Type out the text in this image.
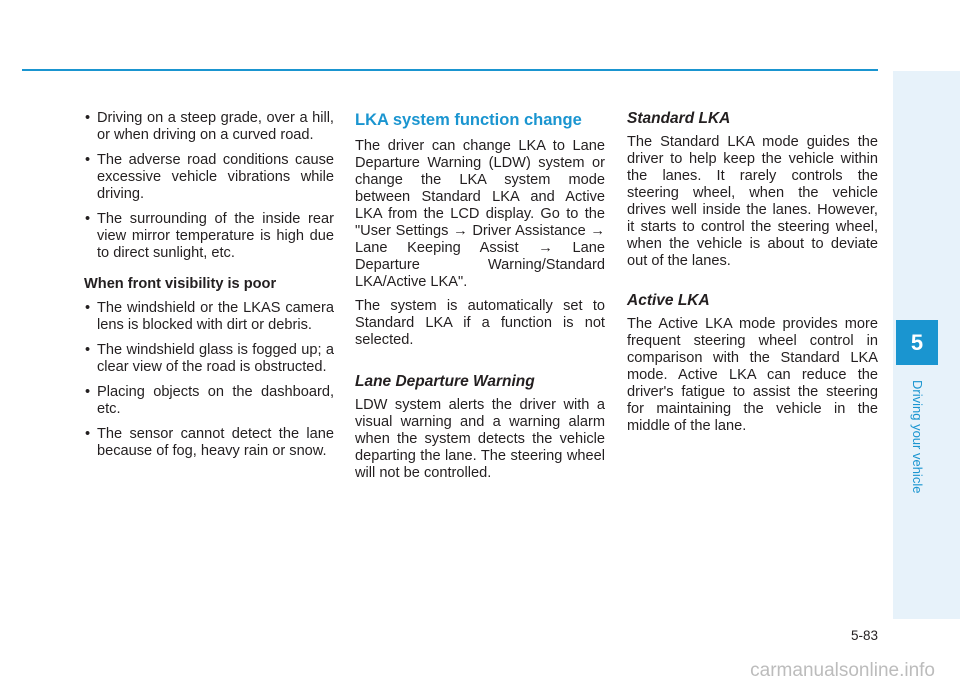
• Driving on a steep grade, over a hill, or when driving on a curved road.
• The adverse road conditions cause excessive vehicle vibrations while driving.
• The surrounding of the inside rear view mirror temperature is high due to direct sunlight, etc.

When front visibility is poor

• The windshield or the LKAS camera lens is blocked with dirt or debris.
• The windshield glass is fogged up; a clear view of the road is obstructed.
• Placing objects on the dashboard, etc.
• The sensor cannot detect the lane because of fog, heavy rain or snow.
LKA system function change

The driver can change LKA to Lane Departure Warning (LDW) system or change the LKA system mode between Standard LKA and Active LKA from the LCD display. Go to the "User Settings → Driver Assistance → Lane Keeping Assist → Lane Departure Warning/Standard LKA/Active LKA".

The system is automatically set to Standard LKA if a function is not selected.

Lane Departure Warning

LDW system alerts the driver with a visual warning and a warning alarm when the system detects the vehicle departing the lane. The steering wheel will not be controlled.

Standard LKA

The Standard LKA mode guides the driver to help keep the vehicle within the lanes. It rarely controls the steering wheel, when the vehicle drives well inside the lanes. However, it starts to control the steering wheel, when the vehicle is about to deviate out of the lanes.

Active LKA

The Active LKA mode provides more frequent steering wheel control in comparison with the Standard LKA mode. Active LKA can reduce the driver's fatigue to assist the steering for maintaining the vehicle in the middle of the lane.

5
Driving your vehicle
5-83
carmanualsonline.info
